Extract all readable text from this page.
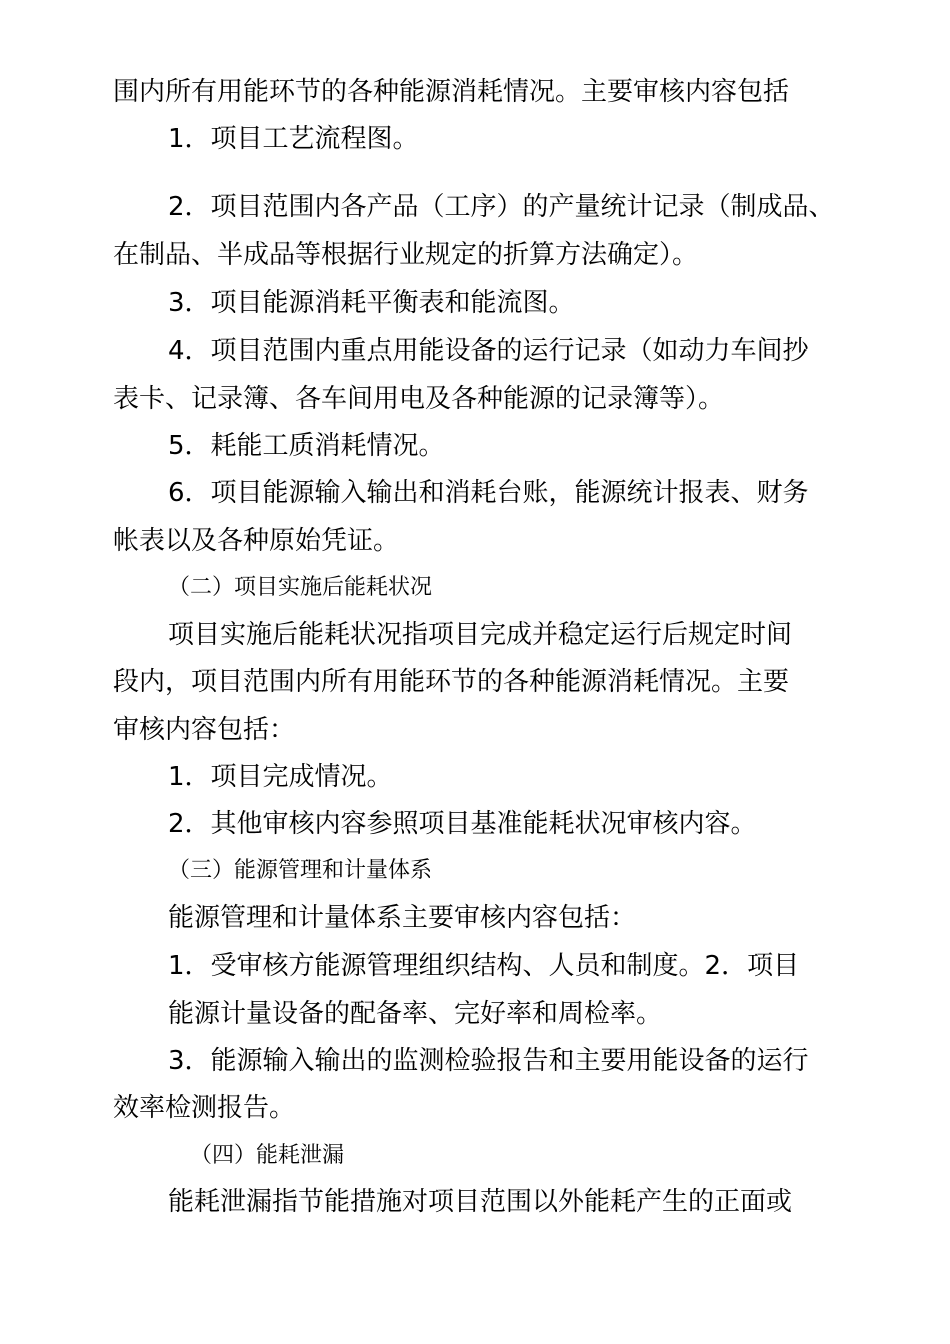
围内所有用能环节的各种能源消耗情况。主要审核内容包括
1．项目工艺流程图。
2．项目范围内各产品（工序）的产量统计记录（制成品、
在制品、半成品等根据行业规定的折算方法确定）。
3．项目能源消耗平衡表和能流图。
4．项目范围内重点用能设备的运行记录（如动力车间抄
表卡、记录簿、各车间用电及各种能源的记录簿等）。
5．耗能工质消耗情况。
6．项目能源输入输出和消耗台账，能源统计报表、财务
帐表以及各种原始凭证。
（二）项目实施后能耗状况
项目实施后能耗状况指项目完成并稳定运行后规定时间
段内，项目范围内所有用能环节的各种能源消耗情况。主要
审核内容包括：
1．项目完成情况。
2．其他审核内容参照项目基准能耗状况审核内容。
（三）能源管理和计量体系
能源管理和计量体系主要审核内容包括：
1．受审核方能源管理组织结构、人员和制度。2．项目
能源计量设备的配备率、完好率和周检率。
3．能源输入输出的监测检验报告和主要用能设备的运行
效率检测报告。
（四）能耗泄漏
能耗泄漏指节能措施对项目范围以外能耗产生的正面或
